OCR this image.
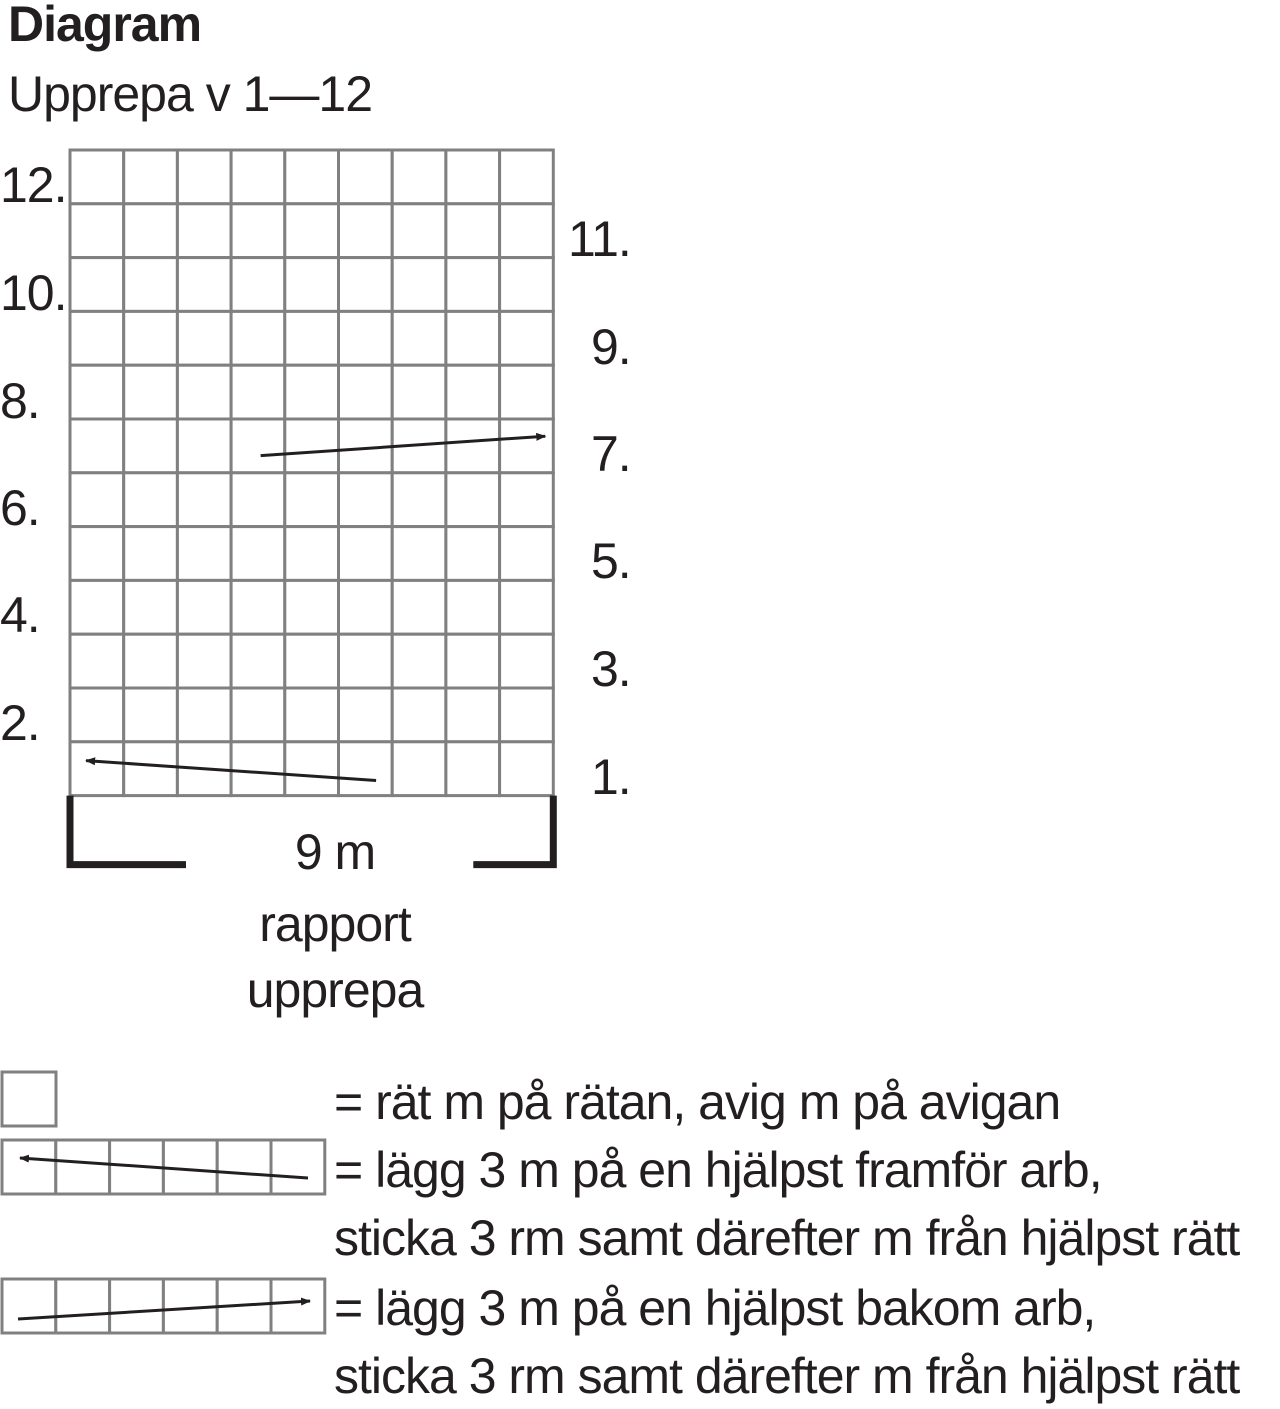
Diagram
Upprepa v 1—12
12.
10.
8.
6.
4.
2.
11.
9.
7.
5.
3.
1.
9 m
rapport
upprepa
= rät m på rätan, avig m på avigan
= lägg 3 m på en hjälpst framför arb,
sticka 3 rm samt därefter m från hjälpst rätt
= lägg 3 m på en hjälpst bakom arb,
sticka 3 rm samt därefter m från hjälpst rätt
